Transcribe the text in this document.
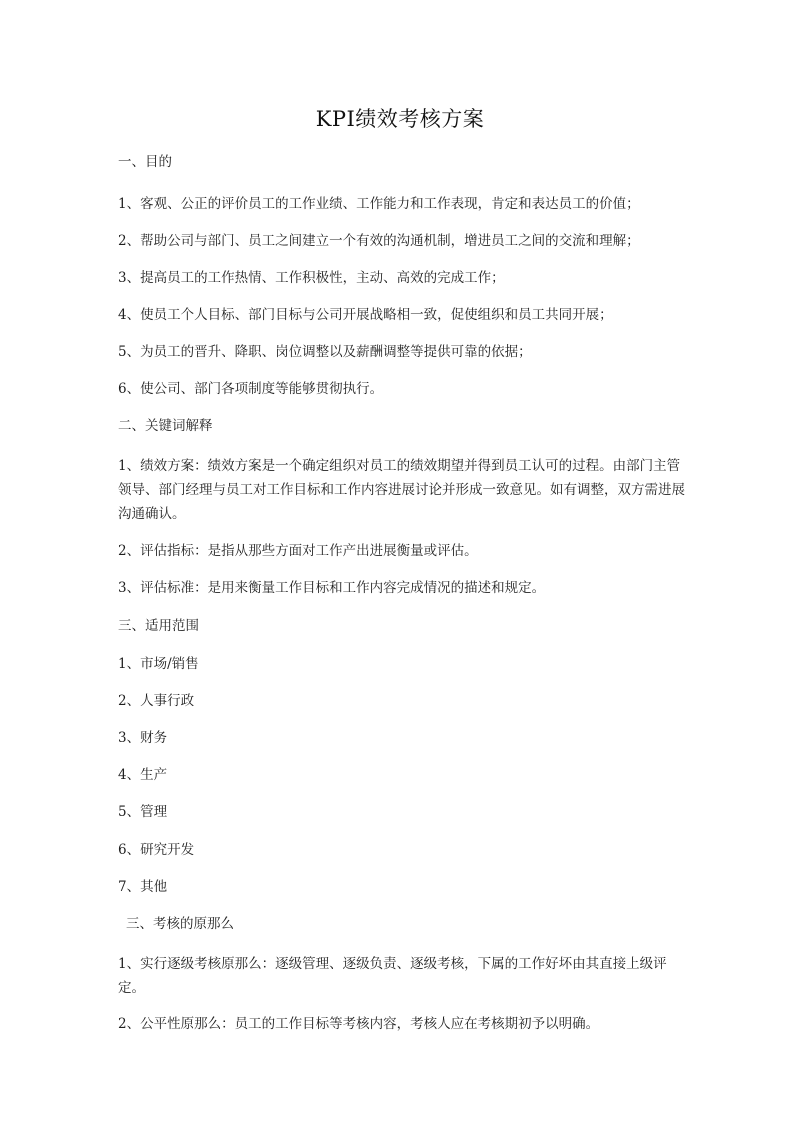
KPI绩效考核方案
一、目的
1、客观、公正的评价员工的工作业绩、工作能力和工作表现，肯定和表达员工的价值；
2、帮助公司与部门、员工之间建立一个有效的沟通机制，增进员工之间的交流和理解；
3、提高员工的工作热情、工作积极性，主动、高效的完成工作；
4、使员工个人目标、部门目标与公司开展战略相一致，促使组织和员工共同开展；
5、为员工的晋升、降职、岗位调整以及薪酬调整等提供可靠的依据；
6、使公司、部门各项制度等能够贯彻执行。
二、关键词解释
1、绩效方案：绩效方案是一个确定组织对员工的绩效期望并得到员工认可的过程。由部门主管领导、部门经理与员工对工作目标和工作内容进展讨论并形成一致意见。如有调整，双方需进展沟通确认。
2、评估指标：是指从那些方面对工作产出进展衡量或评估。
3、评估标准：是用来衡量工作目标和工作内容完成情况的描述和规定。
三、适用范围
1、市场/销售
2、人事行政
3、财务
4、生产
5、管理
6、研究开发
7、其他
三、考核的原那么
1、实行逐级考核原那么：逐级管理、逐级负责、逐级考核，下属的工作好坏由其直接上级评定。
2、公平性原那么：员工的工作目标等考核内容，考核人应在考核期初予以明确。
